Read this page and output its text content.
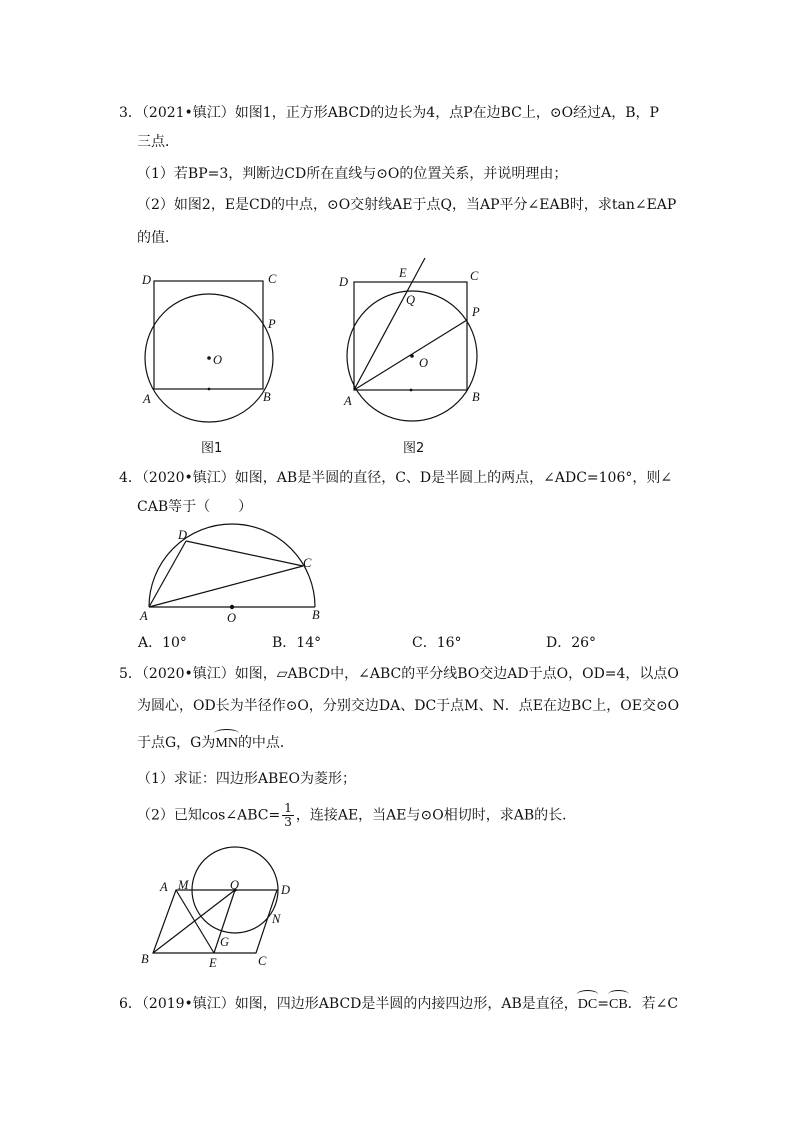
3．（2021•镇江）如图1，正方形ABCD的边长为4，点P在边BC上，⊙O经过A，B，P
三点．
（1）若BP=3，判断边CD所在直线与⊙O的位置关系，并说明理由；
（2）如图2，E是CD的中点，⊙O交射线AE于点Q，当AP平分∠EAB时，求tan∠EAP
的值．
D	C
P
O
A	B
图1
D
E	C
Q
P
O
A	B
图2
4．（2020•镇江）如图，AB是半圆的直径，C、D是半圆上的两点，∠ADC=106°，则∠
CAB等于（　　）
D
C
A	O	B
A．10°	B．14°	C．16°	D．26°
5．（2020•镇江）如图，▱ABCD中，∠ABC的平分线BO交边AD于点O，OD=4，以点O
为圆心，OD长为半径作⊙O，分别交边DA、DC于点M、N．点E在边BC上，OE交⊙O
于点G，G为MN的中点．
（1）求证：四边形ABEO为菱形；
（2）已知cos∠ABC= $\frac{1}{3}$ ，连接AE，当AE与⊙O相切时，求AB的长．
A M	O	D
N
G
B	E	C
6．（2019•镇江）如图，四边形ABCD是半圆的内接四边形，AB是直径，DC=CB．若∠C
